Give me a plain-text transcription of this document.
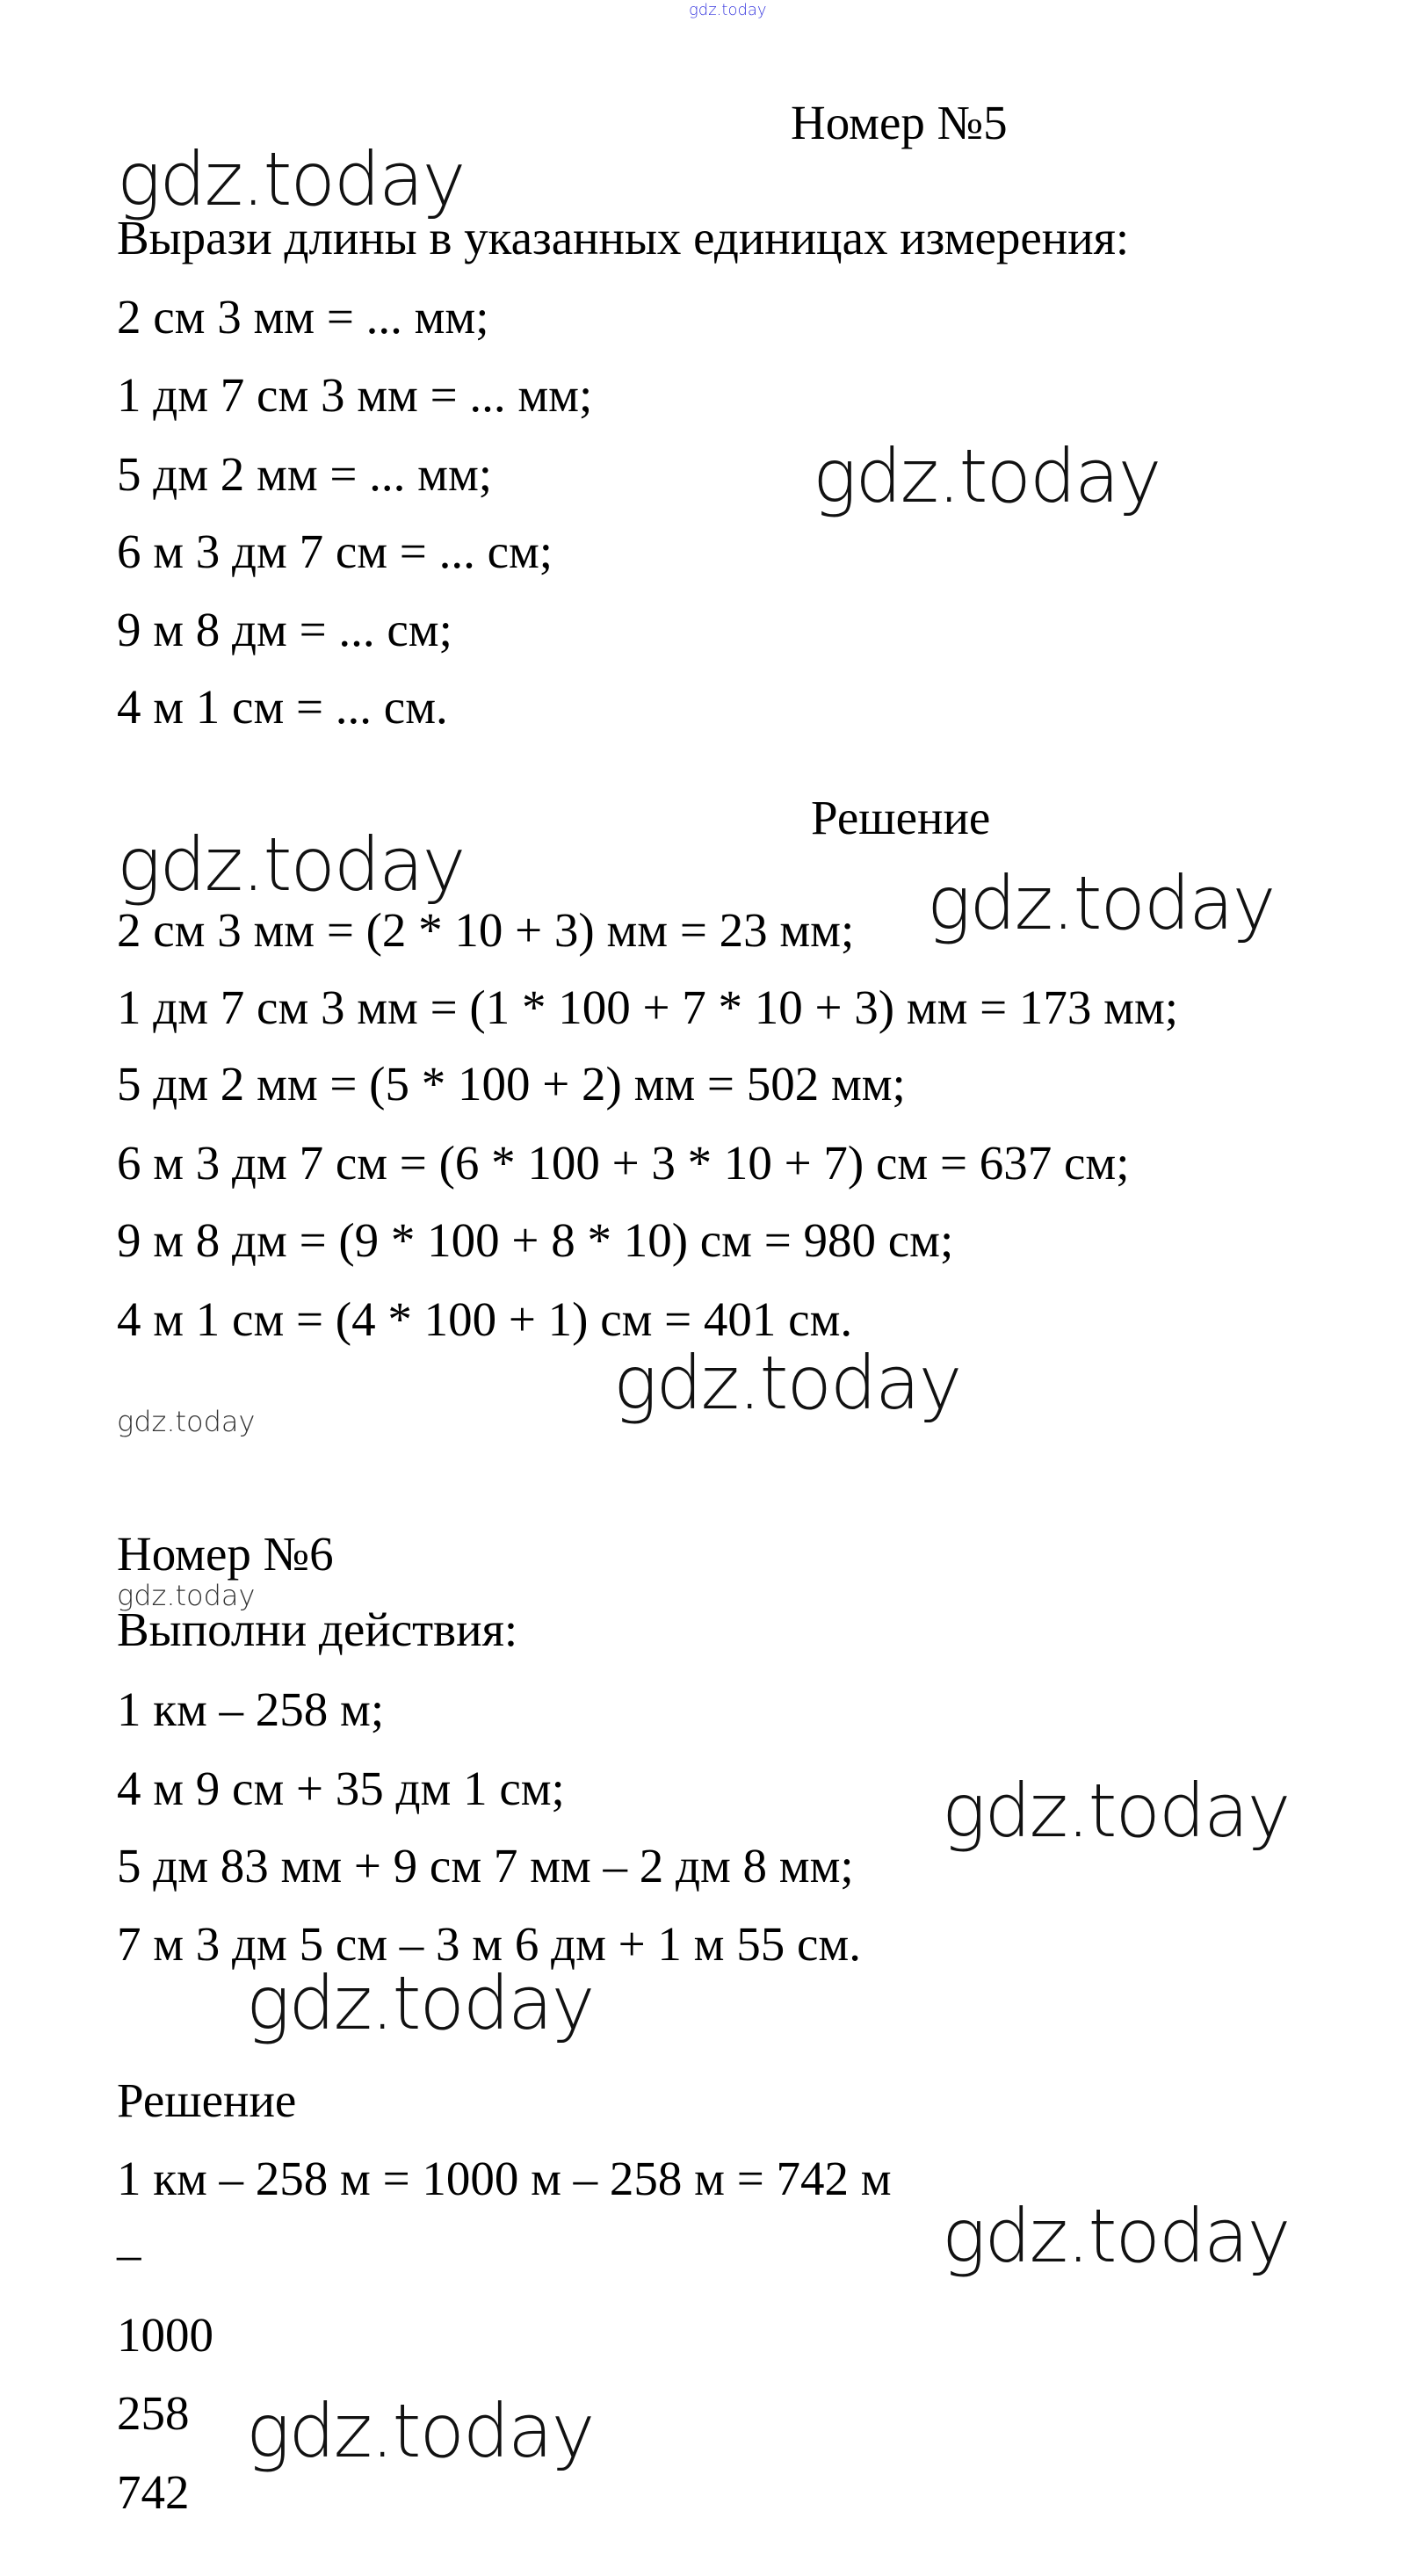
gdz.today
Номер №5
gdz.today
Вырази длины в указанных единицах измерения:
2 см 3 мм = ... мм;
1 дм 7 см 3 мм = ... мм;
5 дм 2 мм = ... мм;
6 м 3 дм 7 см = ... см;
9 м 8 дм = ... см;
4 м 1 см = ... см.
gdz.today
Решение
gdz.today	gdz.today
2 см 3 мм = (2 * 10 + 3) мм = 23 мм;
1 дм 7 см 3 мм = (1 * 100 + 7 * 10 + 3) мм = 173 мм;
5 дм 2 мм = (5 * 100 + 2) мм = 502 мм;
6 м 3 дм 7 см = (6 * 100 + 3 * 10 + 7) см = 637 см;
9 м 8 дм = (9 * 100 + 8 * 10) см = 980 см;
4 м 1 см = (4 * 100 + 1) см = 401 см.
gdz.today
gdz.today
Номер №6
gdz.today
Выполни действия:
1 км – 258 м;
4 м 9 см + 35 дм 1 см;
5 дм 83 мм + 9 см 7 мм – 2 дм 8 мм;
7 м 3 дм 5 см – 3 м 6 дм + 1 м 55 см.
gdz.today
gdz.today
Решение
1 км – 258 м = 1000 м – 258 м = 742 м
–	gdz.today
1000
258
742
gdz.today
